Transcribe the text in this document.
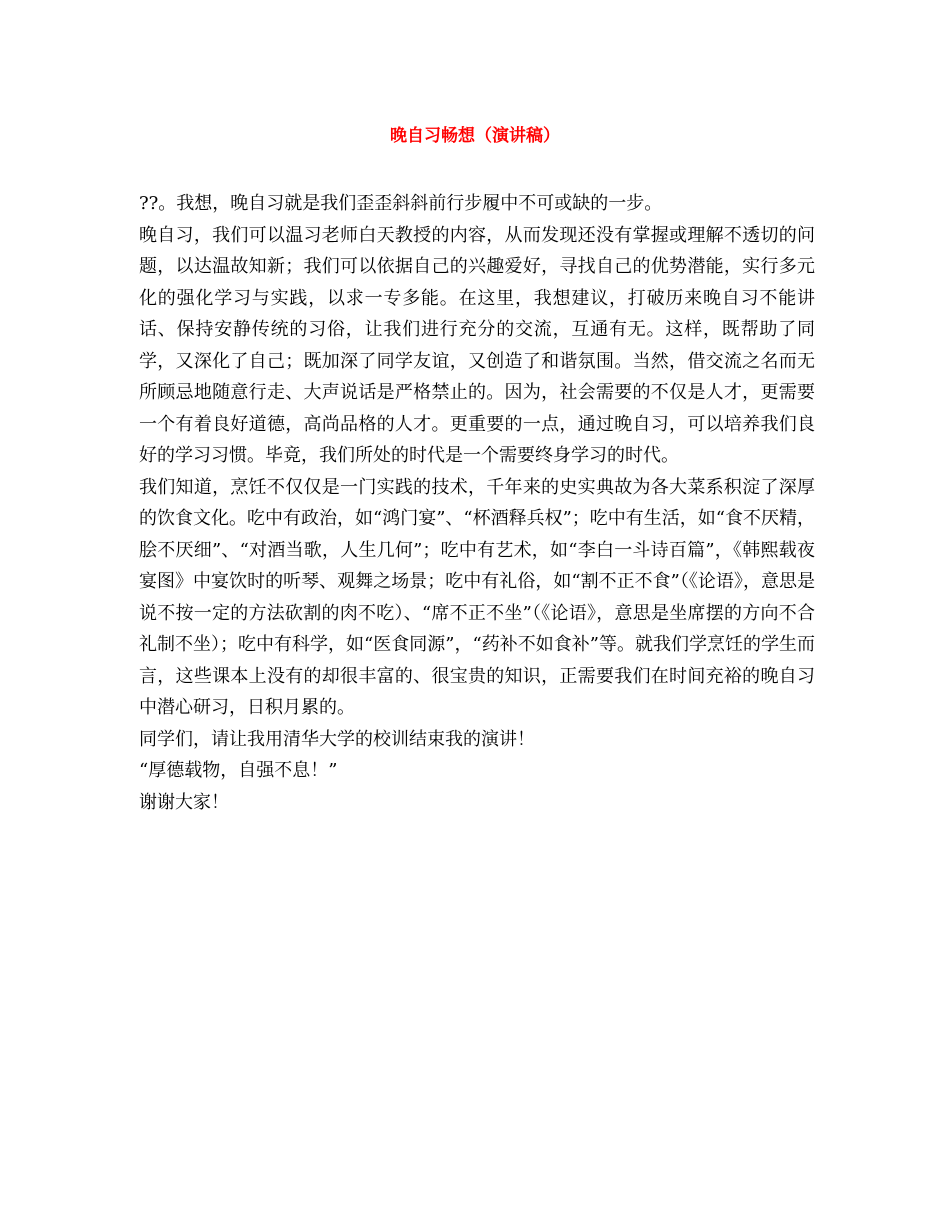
晚自习畅想（演讲稿）

??。我想，晚自习就是我们歪歪斜斜前行步履中不可或缺的一步。

晚自习，我们可以温习老师白天教授的内容，从而发现还没有掌握或理解不透切的问题，以达温故知新；我们可以依据自己的兴趣爱好，寻找自己的优势潜能，实行多元化的强化学习与实践，以求一专多能。在这里，我想建议，打破历来晚自习不能讲话、保持安静传统的习俗，让我们进行充分的交流，互通有无。这样，既帮助了同学，又深化了自己；既加深了同学友谊，又创造了和谐氛围。当然，借交流之名而无所顾忌地随意行走、大声说话是严格禁止的。因为，社会需要的不仅是人才，更需要一个有着良好道德，高尚品格的人才。更重要的一点，通过晚自习，可以培养我们良好的学习习惯。毕竟，我们所处的时代是一个需要终身学习的时代。

我们知道，烹饪不仅仅是一门实践的技术，千年来的史实典故为各大菜系积淀了深厚的饮食文化。吃中有政治，如“鸿门宴”、“杯酒释兵权”；吃中有生活，如“食不厌精，脍不厌细”、“对酒当歌，人生几何”；吃中有艺术，如“李白一斗诗百篇”，《韩熙载夜宴图》中宴饮时的听琴、观舞之场景；吃中有礼俗，如“割不正不食”（《论语》，意思是说不按一定的方法砍割的肉不吃）、“席不正不坐”（《论语》，意思是坐席摆的方向不合礼制不坐）；吃中有科学，如“医食同源”，“药补不如食补”等。就我们学烹饪的学生而言，这些课本上没有的却很丰富的、很宝贵的知识，正需要我们在时间充裕的晚自习中潜心研习，日积月累的。

同学们，请让我用清华大学的校训结束我的演讲！

“厚德载物，自强不息！”

谢谢大家！
